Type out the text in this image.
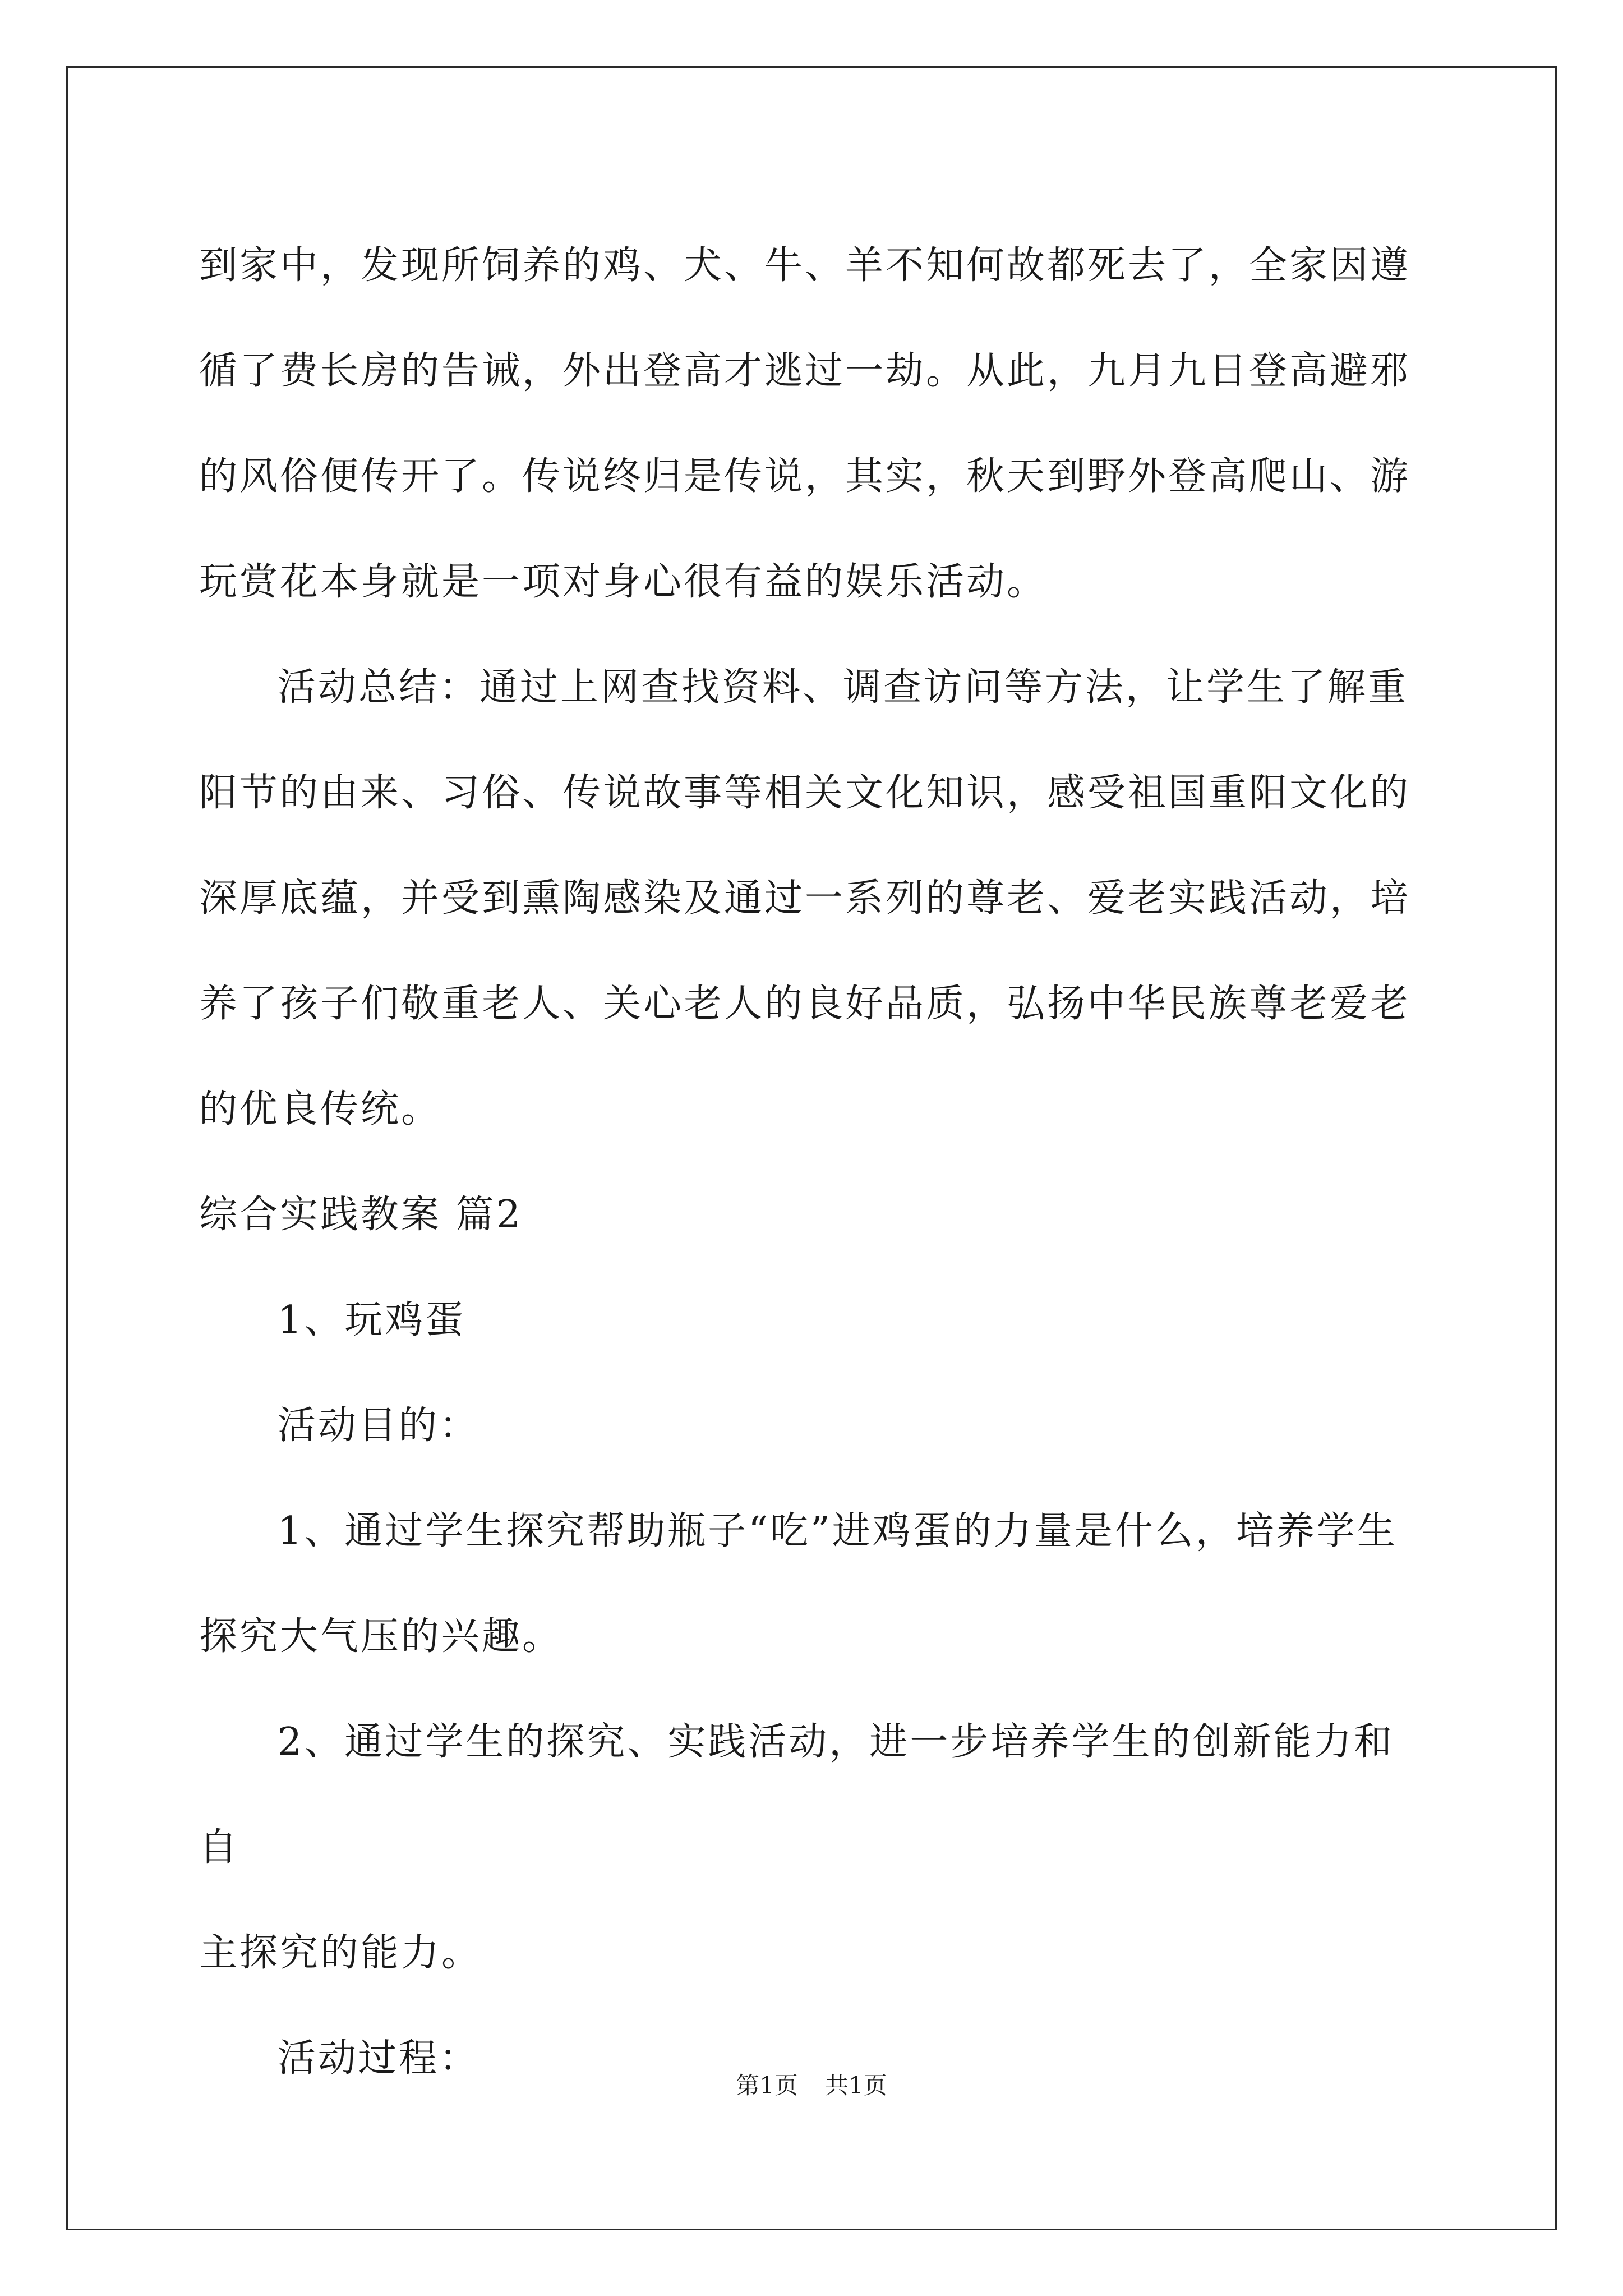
到家中，发现所饲养的鸡、犬、牛、羊不知何故都死去了，全家因遵
循了费长房的告诫，外出登高才逃过一劫。从此，九月九日登高避邪
的风俗便传开了。传说终归是传说，其实，秋天到野外登高爬山、游
玩赏花本身就是一项对身心很有益的娱乐活动。

活动总结：通过上网查找资料、调查访问等方法，让学生了解重
阳节的由来、习俗、传说故事等相关文化知识，感受祖国重阳文化的
深厚底蕴，并受到熏陶感染及通过一系列的尊老、爱老实践活动，培
养了孩子们敬重老人、关心老人的良好品质，弘扬中华民族尊老爱老
的优良传统。

综合实践教案 篇2

1、玩鸡蛋

活动目的：

1、通过学生探究帮助瓶子“吃”进鸡蛋的力量是什么，培养学生
探究大气压的兴趣。

2、通过学生的探究、实践活动，进一步培养学生的创新能力和自
主探究的能力。

活动过程：

第1页 共1页
